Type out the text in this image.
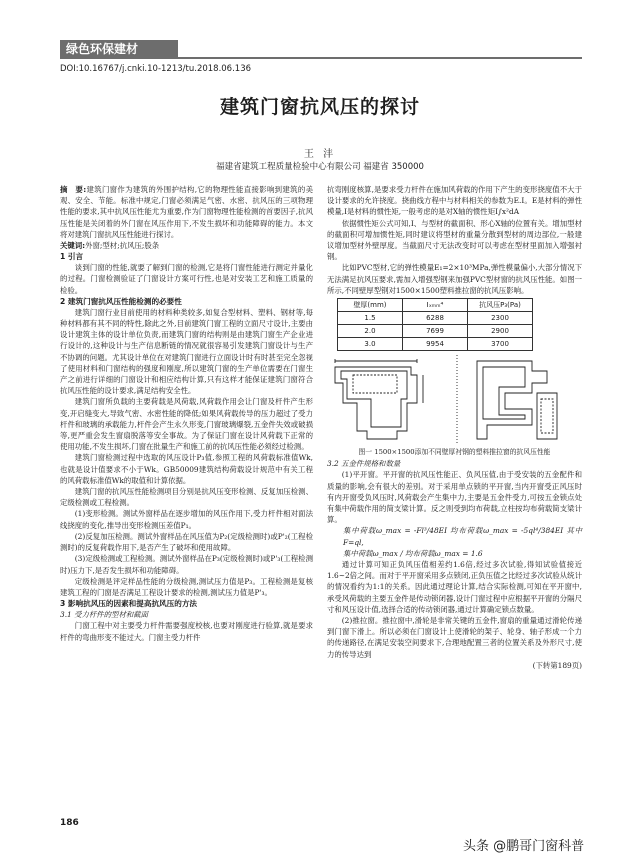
绿色环保建材
DOI:10.16767/j.cnki.10-1213/tu.2018.06.136
建筑门窗抗风压的探讨
王 沣
福建省建筑工程质量检验中心有限公司 福建省 350000

摘　要:建筑门窗作为建筑的外围护结构,它的物理性能直接影响到建筑的美观、安全、节能。标准中规定,门窗必须满足气密、水密、抗风压的三项物理性能的要求,其中抗风压性能尤为重要,作为门窗物理性能检测的首要因子,抗风压性能是关闭着的外门窗在风压作用下,不发生损坏和功能障碍的能力。本文将对建筑门窗抗风压性能进行探讨。

关键词:外窗;型材;抗风压;股条

1 引言

谈到门窗的性能,就要了解到门窗的检测,它是将门窗性能进行测定并量化的过程。门窗检测验证了门窗设计方案可行性,也是对安装工艺和施工质量的检验。

2 建筑门窗抗风压性能检测的必要性

建筑门窗行业目前使用的材料种类较多,如复合型材料、塑料、钢材等,每种材料都有其不同的特性,除此之外,目前建筑门窗工程的立面尺寸设计,主要由设计建筑主体的设计单位负责,而建筑门窗的结构则是由建筑门窗生产企业进行设计的,这种设计与生产信息断链的情况就很容易引发建筑门窗设计与生产不协调的问题。尤其设计单位在对建筑门窗进行立面设计时有时甚至完全忽视了使用材料和门窗结构的强度和刚度,所以建筑门窗的生产单位需要在门窗生产之前进行详细的门窗设计和相应结构计算,只有这样才能保证建筑门窗符合抗风压性能的设计要求,满足结构安全性。

建筑门窗所负载的主要荷载是风荷载,风荷载作用会让门窗及杆件产生形变,开启缝变大,导致气密、水密性能的降低;如果风荷载传导的压力超过了受力杆件和玻璃的承载能力,杆件会产生永久形变,门窗玻璃爆裂,五金件失效或破损等,更严重会发生窗扇脱落等安全事故。为了保证门窗在设计风荷载下正常的使用功能,不发生损坏,门窗在批量生产和施工前的抗风压性能必须经过检测。

建筑门窗检测过程中选取的风压设计P₃值,参照工程的风荷载标准值Wk,也就是设计值要求不小于Wk。GB50009建筑结构荷载设计规范中有关工程的风荷载标准值Wk的取值和计算依据。

建筑门窗的抗风压性能检测项目分别是抗风压变形检测、反复加压检测、定级检测或工程检测。

(1)变形检测。测试外窗样品在逐步增加的风压作用下,受力杆件相对面法线挠度的变化,推导出变形检测压差值P₁。

(2)反复加压检测。测试外窗样品在风压值为P₂(定级检测时)或P'₂(工程检测时)的反复荷载作用下,是否产生了破坏和使用故障。

(3)定级检测或工程检测。测试外窗样品在P₃(定级检测时)或P'₃(工程检测时)压力下,是否发生损坏和功能障碍。

定级检测是评定样品性能的分级检测,测试压力值是P₃。工程检测是复核建筑工程的门窗是否满足工程设计要求的检测,测试压力值是P'₃。

3 影响抗风压的因素和提高抗风压的方法

3.1 受力杆件的型材和截面

门窗工程中对主要受力杆件需要强度校核,也要对刚度进行验算,就是要求杆件的弯曲形变不能过大。门窗主受力杆件

抗弯刚度核算,是要求受力杆件在施加风荷载的作用下产生的变形挠度值不大于设计要求的允许挠度。挠曲线方程中与材料相关的参数为E.I。E是材料的弹性模量,I是材料的惯性矩,一般考虑的是对X轴的惯性矩I∫x²dA

依据惯性矩公式可知,I、与型材的截面积、形心X轴的位置有关。增加型材的截面积可增加惯性矩,同时建议将型材的重量分散到型材的周边部位,一般建议增加型材外壁厚度。当截面尺寸无法改变时可以考虑在型材里面加入增强衬钢。

比如PVC型材,它的弹性模量E₁=2×10³MPa,弹性模量偏小,大部分情况下无法满足抗风压要求,需加入增强型钢来加强PVC型材窗的抗风压性能。如图一所示,不同壁厚型钢对1500×1500塑料推拉窗的抗风压影响。

壁厚(mm)	Iₓₘₘ⁴	抗风压P₃(Pa)
1.5	6288	2300
2.0	7699	2900
3.0	9954	3700

图一 1500×1500添加不同壁厚衬钢的塑料推拉窗的抗风压性能

3.2 五金件规格和数量

(1)平开窗。平开窗的抗风压性能正、负风压值,由于受安装的五金配件和质量的影响,会有很大的差别。对于采用单点锁的平开窗,当内开窗受正风压时有内开窗受负风压时,风荷载会产生集中力,主要是五金件受力,可按五金锁点处有集中荷载作用的简支梁计算。反之则受到均布荷载,立柱按均布荷载简支梁计算。

集中荷载ω_max = -Fl³/48EI 均布荷载ω_max = -5ql⁴/384EI 其中F=ql,

集中荷载ω_max / 均布荷载ω_max = 1.6

通过计算可知正负风压值相差约1.6倍,经过多次试验,得知试验值接近1.6~2倍之间。而对于平开窗采用多点锁闭,正负压值之比经过多次试验从统计的情况看约为1:1的关系。因此通过理论计算,结合实际检测,可知在平开窗中,承受风荷载的主要五金件是传动锁闭器,设计门窗过程中应根据平开窗的分隔尺寸和风压设计值,选择合适的传动锁闭器,通过计算确定锁点数量。

(2)推拉窗。推拉窗中,滑轮是非常关键的五金件,窗扇的重量通过滑轮传递到门窗下滑上。所以必须在门窗设计上使滑轮的架子、轮身、轴子形成一个力的传递路径,在满足安装空间要求下,合理地配置三者的位置关系及外形尺寸,使力的传导达到

(下转第189页)

186
头条 @鹏哥门窗科普
